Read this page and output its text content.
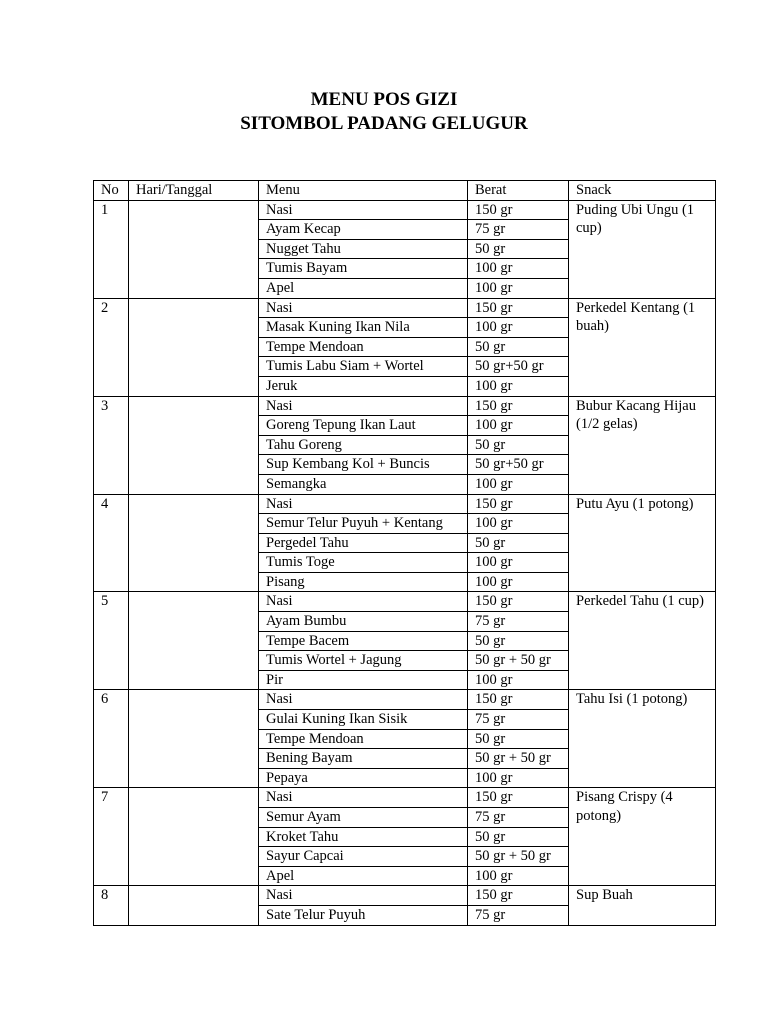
MENU POS GIZI
SITOMBOL PADANG GELUGUR
No	Hari/Tanggal	Menu	Berat	Snack
1		Nasi	150 gr	Puding Ubi Ungu (1 cup)
		Ayam Kecap	75 gr	
		Nugget Tahu	50 gr	
		Tumis Bayam	100 gr	
		Apel	100 gr	
2		Nasi	150 gr	Perkedel Kentang (1 buah)
		Masak Kuning Ikan Nila	100 gr	
		Tempe Mendoan	50 gr	
		Tumis Labu Siam + Wortel	50 gr+50 gr	
		Jeruk	100 gr	
3		Nasi	150 gr	Bubur Kacang Hijau (1/2 gelas)
		Goreng Tepung Ikan Laut	100 gr	
		Tahu Goreng	50 gr	
		Sup Kembang Kol + Buncis	50 gr+50 gr	
		Semangka	100 gr	
4		Nasi	150 gr	Putu Ayu (1 potong)
		Semur Telur Puyuh + Kentang	100 gr	
		Pergedel Tahu	50 gr	
		Tumis Toge	100 gr	
		Pisang	100 gr	
5		Nasi	150 gr	Perkedel Tahu (1 cup)
		Ayam Bumbu	75 gr	
		Tempe Bacem	50 gr	
		Tumis Wortel + Jagung	50 gr + 50 gr	
		Pir	100 gr	
6		Nasi	150 gr	Tahu Isi (1 potong)
		Gulai Kuning Ikan Sisik	75 gr	
		Tempe Mendoan	50 gr	
		Bening Bayam	50 gr + 50 gr	
		Pepaya	100 gr	
7		Nasi	150 gr	Pisang Crispy (4 potong)
		Semur Ayam	75 gr	
		Kroket Tahu	50 gr	
		Sayur Capcai	50 gr + 50 gr	
		Apel	100 gr	
8		Nasi	150 gr	Sup Buah
		Sate Telur Puyuh	75 gr	
